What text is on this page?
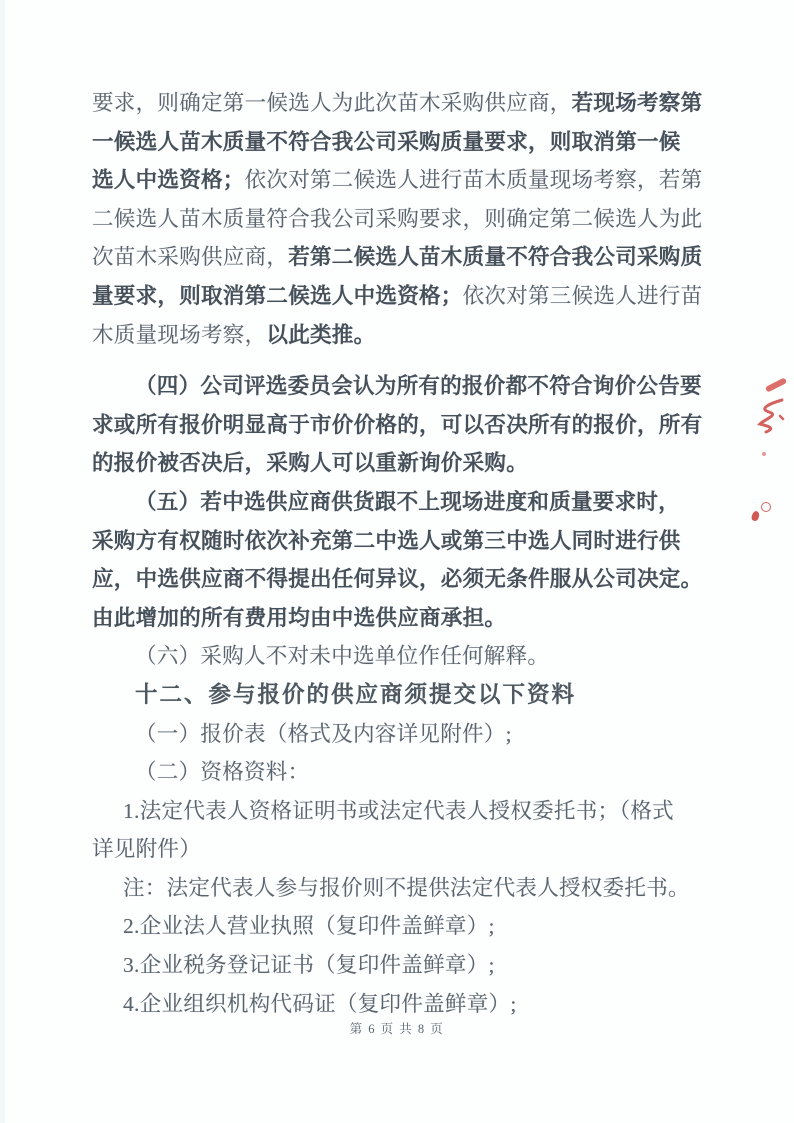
要求，则确定第一候选人为此次苗木采购供应商，若现场考察第
一候选人苗木质量不符合我公司采购质量要求，则取消第一候
选人中选资格；依次对第二候选人进行苗木质量现场考察，若第
二候选人苗木质量符合我公司采购要求，则确定第二候选人为此
次苗木采购供应商，若第二候选人苗木质量不符合我公司采购质
量要求，则取消第二候选人中选资格；依次对第三候选人进行苗
木质量现场考察，以此类推。
（四）公司评选委员会认为所有的报价都不符合询价公告要
求或所有报价明显高于市价价格的，可以否决所有的报价，所有
的报价被否决后，采购人可以重新询价采购。
（五）若中选供应商供货跟不上现场进度和质量要求时，
采购方有权随时依次补充第二中选人或第三中选人同时进行供
应，中选供应商不得提出任何异议，必须无条件服从公司决定。
由此增加的所有费用均由中选供应商承担。
（六）采购人不对未中选单位作任何解释。
十二、参与报价的供应商须提交以下资料
（一）报价表（格式及内容详见附件）;
（二）资格资料：
1.法定代表人资格证明书或法定代表人授权委托书；（格式
详见附件）
注：法定代表人参与报价则不提供法定代表人授权委托书。
2.企业法人营业执照（复印件盖鲜章）;
3.企业税务登记证书（复印件盖鲜章）;
4.企业组织机构代码证（复印件盖鲜章）;
第 6 页 共 8 页
